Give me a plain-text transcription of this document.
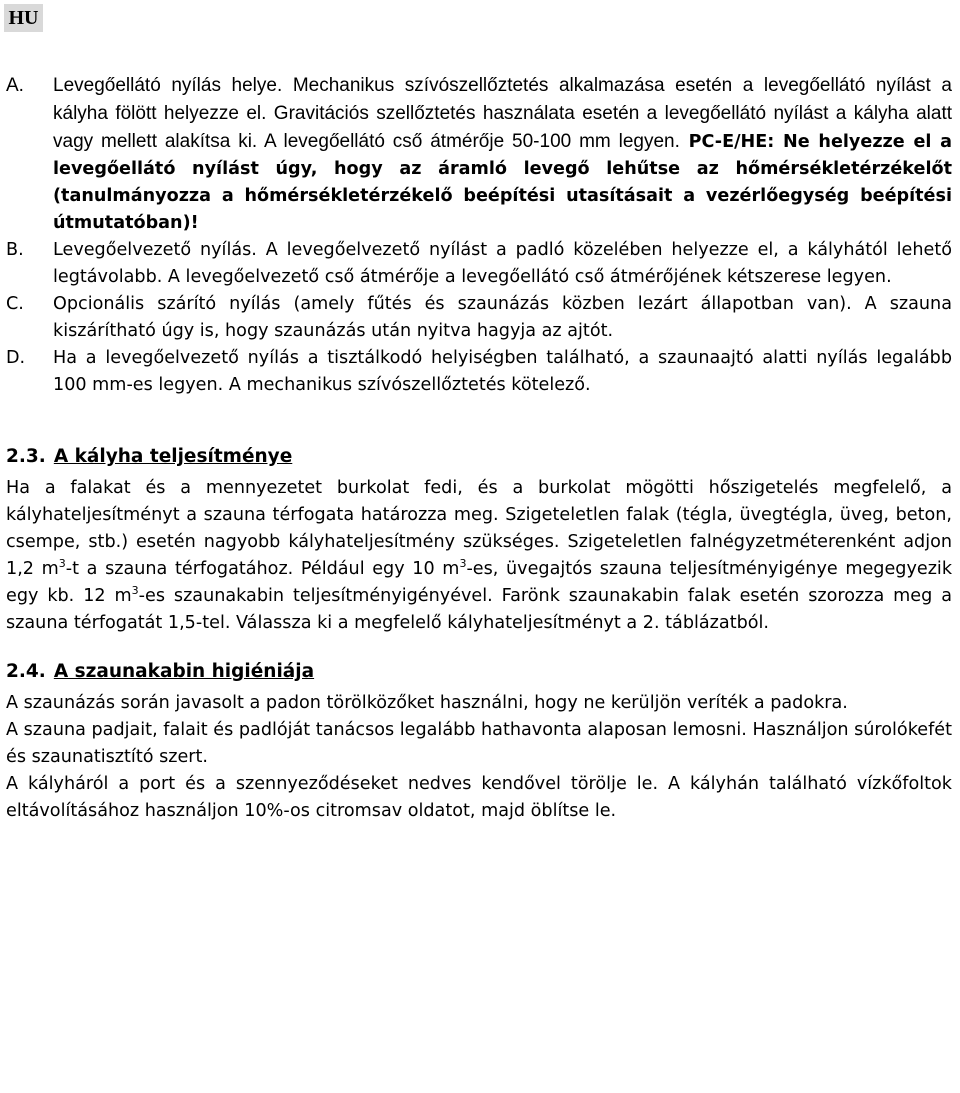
HU
A. Levegőellátó nyílás helye. Mechanikus szívószellőztetés alkalmazása esetén a levegőellátó nyílást a kályha fölött helyezze el. Gravitációs szellőztetés használata esetén a levegőellátó nyílást a kályha alatt vagy mellett alakítsa ki. A levegőellátó cső átmérője 50-100 mm legyen. PC-E/HE: Ne helyezze el a levegőellátó nyílást úgy, hogy az áramló levegő lehűtse az hőmérsékletérzékelőt (tanulmányozza a hőmérsékletérzékelő beépítési utasításait a vezérlőegység beépítési útmutatóban)!
B. Levegőelvezető nyílás. A levegőelvezető nyílást a padló közelében helyezze el, a kályhától lehető legtávolabb. A levegőelvezető cső átmérője a levegőellátó cső átmérőjének kétszerese legyen.
C. Opcionális szárító nyílás (amely fűtés és szaunázás közben lezárt állapotban van). A szauna kiszárítható úgy is, hogy szaunázás után nyitva hagyja az ajtót.
D. Ha a levegőelvezető nyílás a tisztálkodó helyiségben található, a szaunaajtó alatti nyílás legalább 100 mm-es legyen. A mechanikus szívószellőztetés kötelező.
2.3. A kályha teljesítménye

Ha a falakat és a mennyezetet burkolat fedi, és a burkolat mögötti hőszigetelés megfelelő, a kályhateljesítményt a szauna térfogata határozza meg. Szigeteletlen falak (tégla, üvegtégla, üveg, beton, csempe, stb.) esetén nagyobb kályhateljesítmény szükséges. Szigeteletlen falnégyzetméterenként adjon 1,2 $m^3-t$ a szauna térfogatához. Például egy 10 $m^3-es$, üvegajtós szauna teljesítményigénye megegyezik egy kb. 12 $m^3-es$ szaunakabin teljesítményigényével. Farönk szaunakabin falak esetén szorozza meg a szauna térfogatát 1,5-tel. Válassza ki a megfelelő kályhateljesítményt a 2. táblázatból.

2.4. A szaunakabin higiéniája

A szaunázás során javasolt a padon törölközőket használni, hogy ne kerüljön veríték a padokra.

A szauna padjait, falait és padlóját tanácsos legalább hathavonta alaposan lemosni. Használjon súrolókefét és szaunatisztító szert.

A kályháról a port és a szennyeződéseket nedves kendővel törölje le. A kályhán található vízkőfoltok eltávolításához használjon 10%-os citromsav oldatot, majd öblítse le.
